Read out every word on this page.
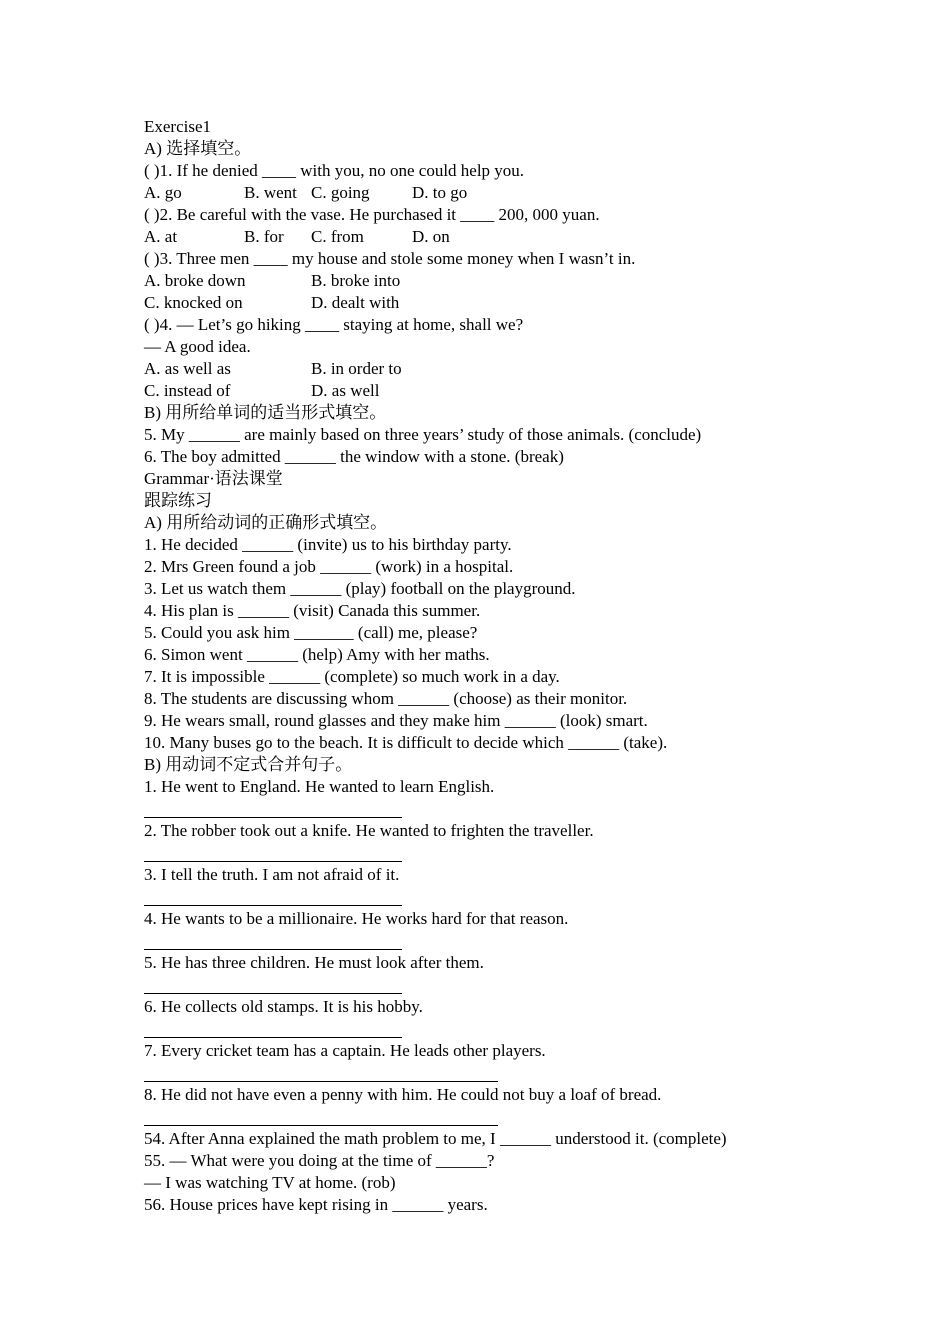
Exercise1
A) 选择填空。
( )1. If he denied ____ with you, no one could help you.
A. go	B. went C. going	D. to go
( )2. Be careful with the vase. He purchased it ____ 200, 000 yuan.
A. at	B. for	C. from	D. on
( )3. Three men ____ my house and stole some money when I wasn’t in.
A. broke down	B. broke into
C. knocked on	D. dealt with
( )4. — Let’s go hiking ____ staying at home, shall we?
— A good idea.
A. as well as	B. in order to
C. instead of	D. as well
B) 用所给单词的适当形式填空。
5. My ______ are mainly based on three years’ study of those animals. (conclude)
6. The boy admitted ______ the window with a stone. (break)
Grammar·语法课堂
跟踪练习
A) 用所给动词的正确形式填空。
1. He decided ______ (invite) us to his birthday party.
2. Mrs Green found a job ______ (work) in a hospital.
3. Let us watch them ______ (play) football on the playground.
4. His plan is ______ (visit) Canada this summer.
5. Could you ask him _______ (call) me, please?
6. Simon went ______ (help) Amy with her maths.
7. It is impossible ______ (complete) so much work in a day.
8. The students are discussing whom ______ (choose) as their monitor.
9. He wears small, round glasses and they make him ______ (look) smart.
10. Many buses go to the beach. It is difficult to decide which ______ (take).
B) 用动词不定式合并句子。
1. He went to England. He wanted to learn English.
2. The robber took out a knife. He wanted to frighten the traveller.
3. I tell the truth. I am not afraid of it.
4. He wants to be a millionaire. He works hard for that reason.
5. He has three children. He must look after them.
6. He collects old stamps. It is his hobby.
7. Every cricket team has a captain. He leads other players.
8. He did not have even a penny with him. He could not buy a loaf of bread.
54. After Anna explained the math problem to me, I ______ understood it. (complete)
55. — What were you doing at the time of ______?
— I was watching TV at home. (rob)
56. House prices have kept rising in ______ years.
